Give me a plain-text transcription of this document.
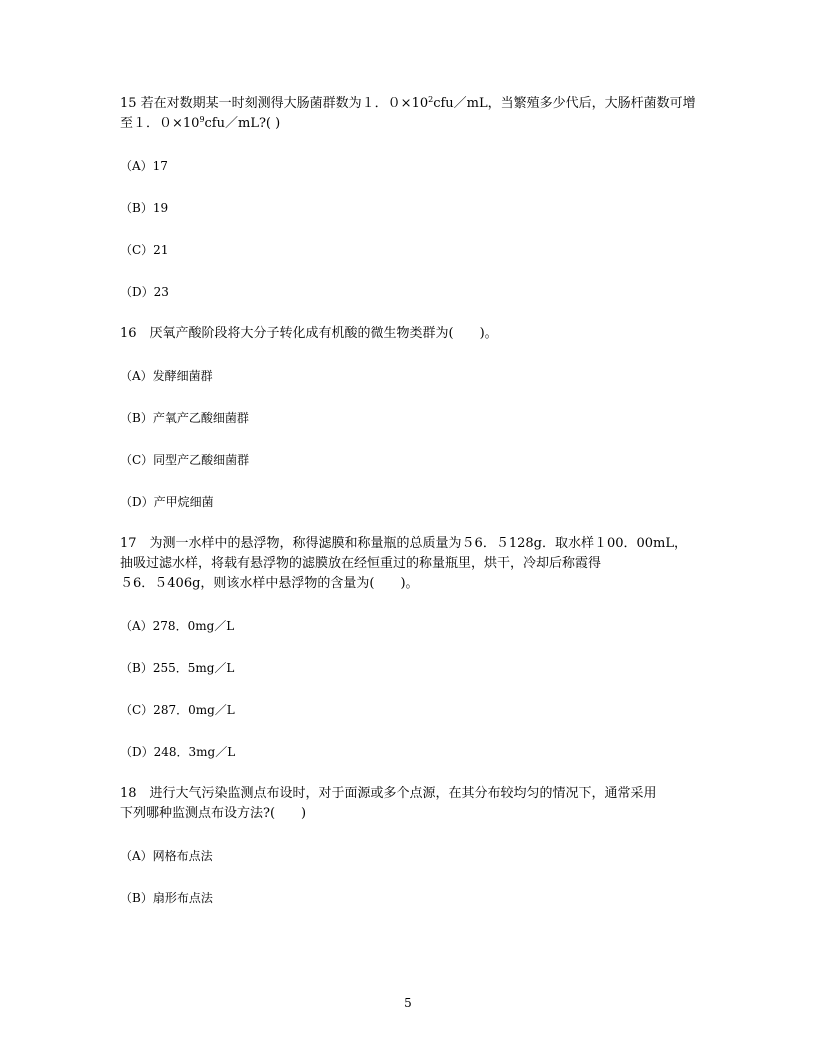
15 若在对数期某一时刻测得大肠菌群数为１．$0\times 10^2cfu/mL$，当繁殖多少代后，大肠杆菌数可增至１．$0\times 10^9cfu/mL$?( )

（A）17

（B）19

（C）21

（D）23

16　厌氧产酸阶段将大分子转化成有机酸的微生物类群为(　　)。

（A）发酵细菌群

（B）产氧产乙酸细菌群

（C）同型产乙酸细菌群

（D）产甲烷细菌

17　为测一水样中的悬浮物，称得滤膜和称量瓶的总质量为５6．５128g．取水样１00．00mL，
抽吸过滤水样，将载有悬浮物的滤膜放在经恒重过的称量瓶里，烘干，冷却后称霞得
５6．５406g，则该水样中悬浮物的含量为(　　)。

（A）278．0mg／L

（B）255．5mg／L

（C）287．0mg／L

（D）248．3mg／L

18　进行大气污染监测点布设时，对于面源或多个点源，在其分布较均匀的情况下，通常采用
下列哪种监测点布设方法?(　　)

（A）网格布点法

（B）扇形布点法

5
